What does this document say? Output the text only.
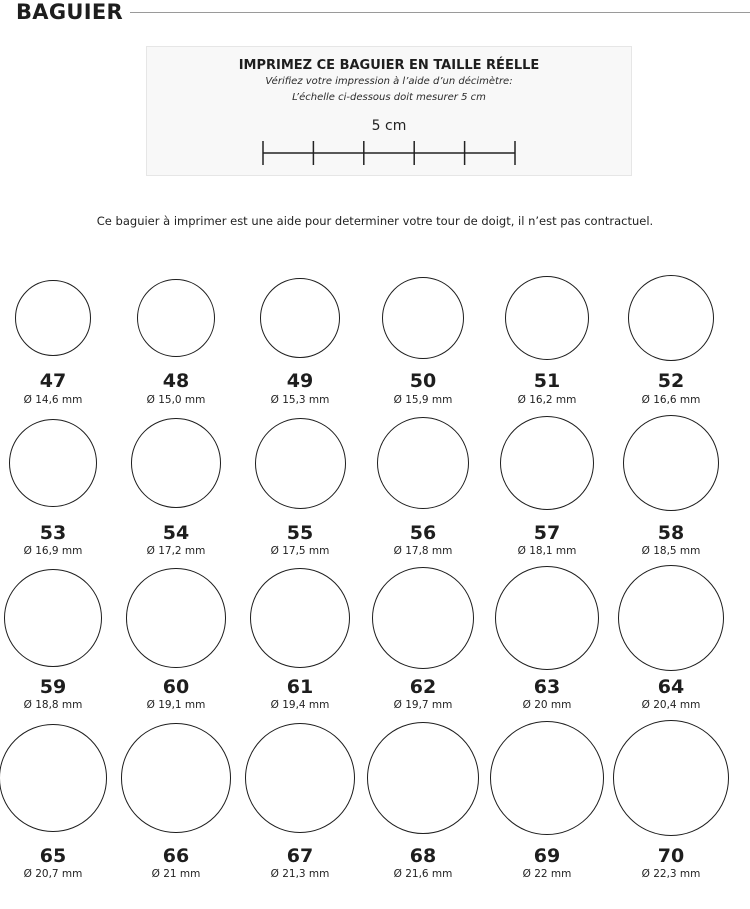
BAGUIER
IMPRIMEZ CE BAGUIER EN TAILLE RÉELLE
Vérifiez votre impression à l’aide d’un décimètre:
L’échelle ci-dessous doit mesurer 5 cm
5 cm
Ce baguier à imprimer est une aide pour determiner votre tour de doigt, il n’est pas contractuel.
47
Ø 14,6 mm
48
Ø 15,0 mm
49
Ø 15,3 mm
50
Ø 15,9 mm
51
Ø 16,2 mm
52
Ø 16,6 mm
53
Ø 16,9 mm
54
Ø 17,2 mm
55
Ø 17,5 mm
56
Ø 17,8 mm
57
Ø 18,1 mm
58
Ø 18,5 mm
59
Ø 18,8 mm
60
Ø 19,1 mm
61
Ø 19,4 mm
62
Ø 19,7 mm
63
Ø 20 mm
64
Ø 20,4 mm
65
Ø 20,7 mm
66
Ø 21 mm
67
Ø 21,3 mm
68
Ø 21,6 mm
69
Ø 22 mm
70
Ø 22,3 mm
